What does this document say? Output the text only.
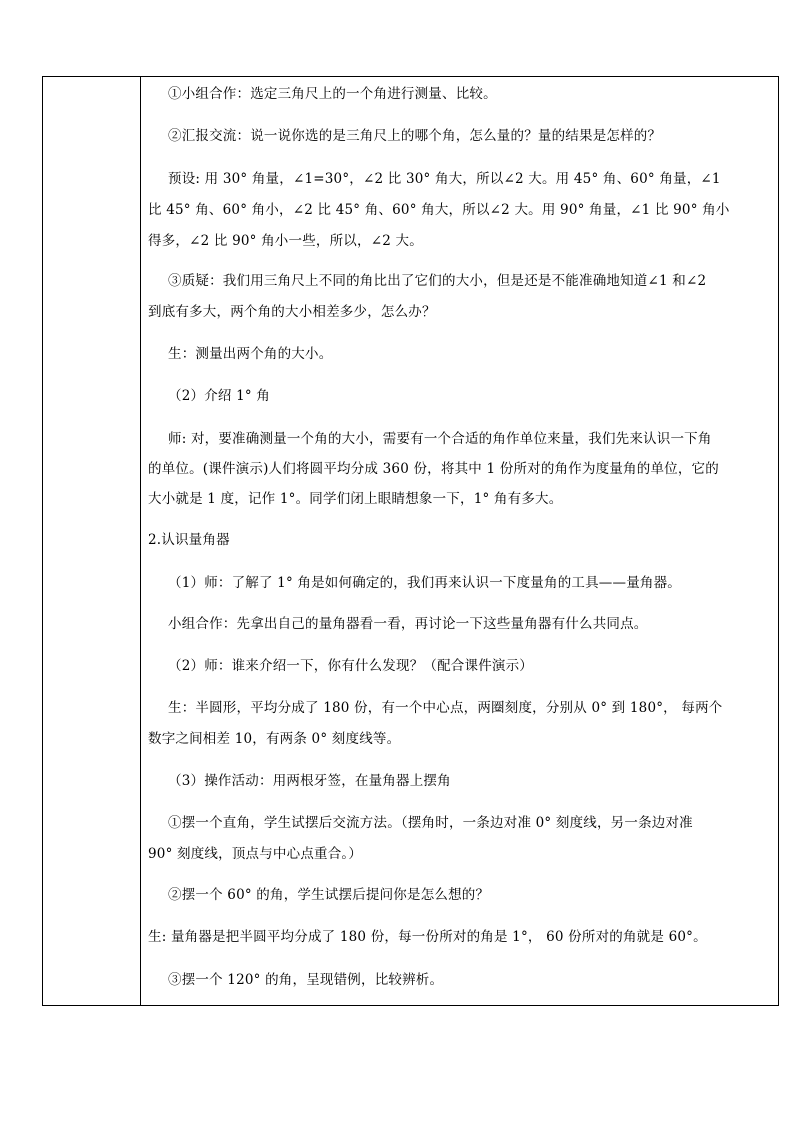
①小组合作：选定三角尺上的一个角进行测量、比较。

②汇报交流：说一说你选的是三角尺上的哪个角，怎么量的？量的结果是怎样的？

预设: 用 30° 角量，∠1=30°，∠2 比 30° 角大，所以∠2 大。用 45° 角、60° 角量，∠1

比 45° 角、60° 角小，∠2 比 45° 角、60° 角大，所以∠2 大。用 90° 角量，∠1 比 90° 角小

得多，∠2 比 90° 角小一些，所以，∠2 大。

③质疑：我们用三角尺上不同的角比出了它们的大小，但是还是不能准确地知道∠1 和∠2

到底有多大，两个角的大小相差多少，怎么办？

生：测量出两个角的大小。

（2）介绍 1° 角

师: 对，要准确测量一个角的大小，需要有一个合适的角作单位来量，我们先来认识一下角

的单位。(课件演示)人们将圆平均分成 360 份，将其中 1 份所对的角作为度量角的单位，它的

大小就是 1 度，记作 1°。同学们闭上眼睛想象一下，1° 角有多大。

2.认识量角器

（1）师：了解了 1° 角是如何确定的，我们再来认识一下度量角的工具——量角器。

小组合作：先拿出自己的量角器看一看，再讨论一下这些量角器有什么共同点。

（2）师：谁来介绍一下，你有什么发现？（配合课件演示）

生：半圆形，平均分成了 180 份，有一个中心点，两圈刻度，分别从 0° 到 180°， 每两个

数字之间相差 10，有两条 0° 刻度线等。

（3）操作活动：用两根牙签，在量角器上摆角

①摆一个直角，学生试摆后交流方法。（摆角时，一条边对准 0° 刻度线，另一条边对准

90° 刻度线，顶点与中心点重合。）

②摆一个 60° 的角，学生试摆后提问你是怎么想的？

生: 量角器是把半圆平均分成了 180 份，每一份所对的角是 1°， 60 份所对的角就是 60°。

③摆一个 120° 的角，呈现错例，比较辨析。
